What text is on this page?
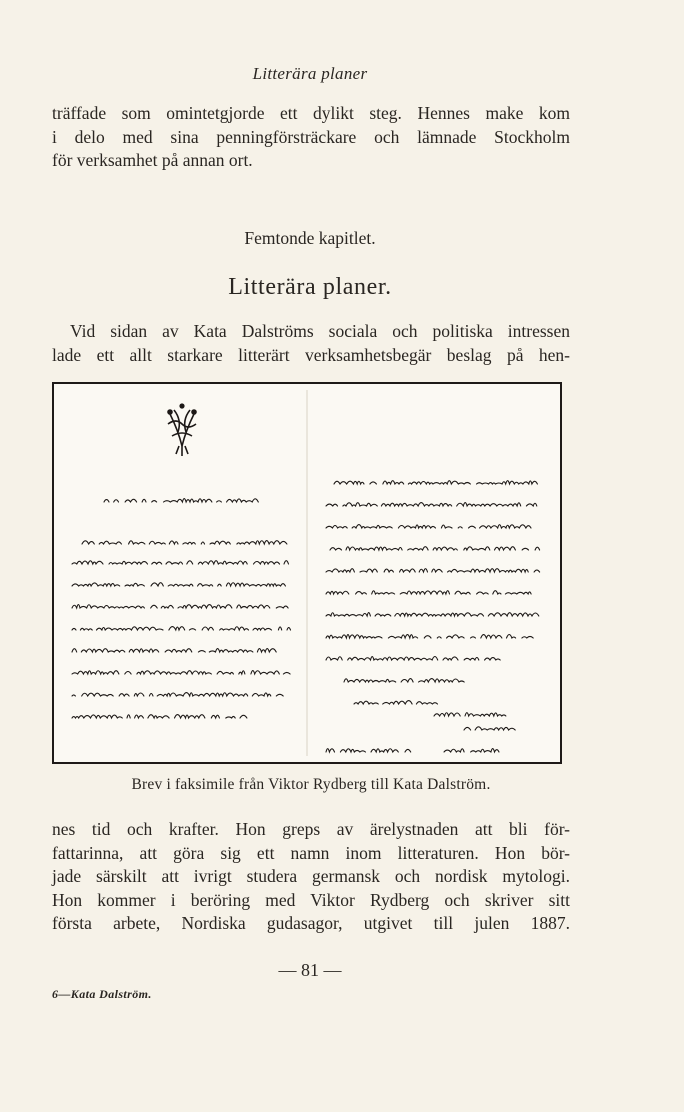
Litterära planer
träffade som omintetgjorde ett dylikt steg. Hennes make kom
i delo med sina penningförsträckare och lämnade Stockholm
för verksamhet på annan ort.
Femtonde kapitlet.
Litterära planer.
Vid sidan av Kata Dalströms sociala och politiska intressen
lade ett allt starkare litterärt verksamhetsbegär beslag på hen-
Brev i faksimile från Viktor Rydberg till Kata Dalström.
nes tid och krafter. Hon greps av ärelystnaden att bli för-
fattarinna, att göra sig ett namn inom litteraturen. Hon bör-
jade särskilt att ivrigt studera germansk och nordisk mytologi.
Hon kommer i beröring med Viktor Rydberg och skriver sitt
första arbete, Nordiska gudasagor, utgivet till julen 1887.
— 81 —
6—Kata Dalström.
